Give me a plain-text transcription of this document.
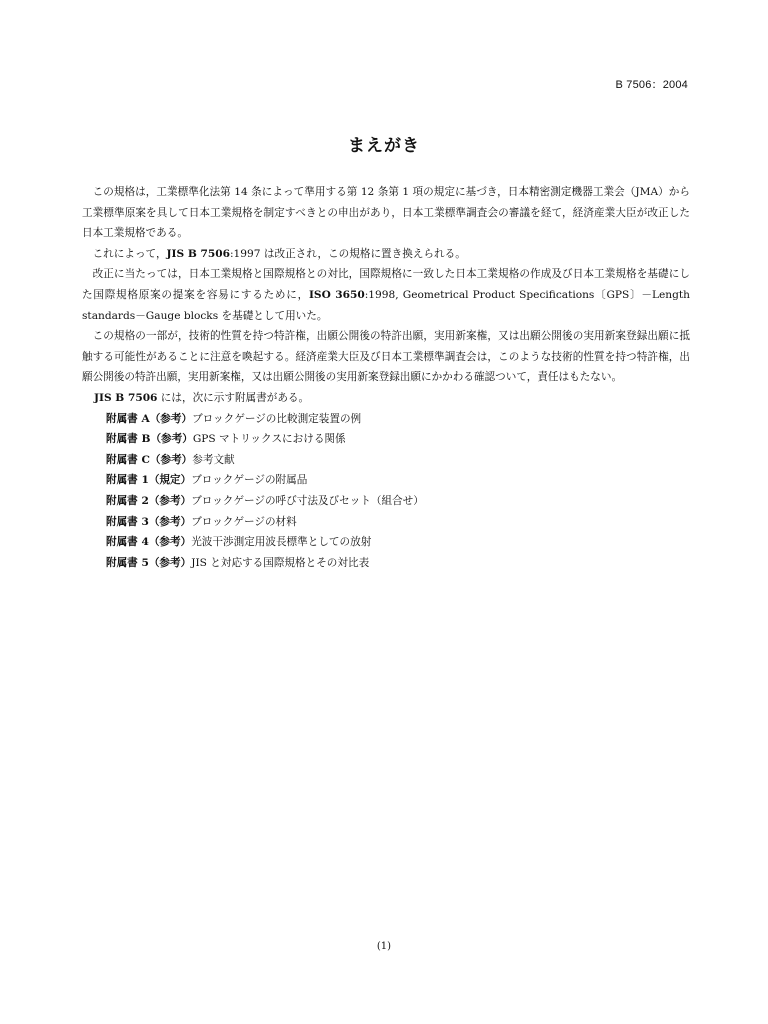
B 7506：2004
まえがき

この規格は，工業標準化法第 14 条によって準用する第 12 条第 1 項の規定に基づき，日本精密測定機器工業会（JMA）から工業標準原案を具して日本工業規格を制定すべきとの申出があり，日本工業標準調査会の審議を経て，経済産業大臣が改正した日本工業規格である。

これによって，JIS B 7506:1997 は改正され，この規格に置き換えられる。

改正に当たっては，日本工業規格と国際規格との対比，国際規格に一致した日本工業規格の作成及び日本工業規格を基礎にした国際規格原案の提案を容易にするために，ISO 3650:1998, Geometrical Product Specifications〔GPS〕－Length standards－Gauge blocks を基礎として用いた。

この規格の一部が，技術的性質を持つ特許権，出願公開後の特許出願，実用新案権，又は出願公開後の実用新案登録出願に抵触する可能性があることに注意を喚起する。経済産業大臣及び日本工業標準調査会は，このような技術的性質を持つ特許権，出願公開後の特許出願，実用新案権，又は出願公開後の実用新案登録出願にかかわる確認ついて，責任はもたない。

JIS B 7506 には，次に示す附属書がある。
附属書 A（参考）ブロックゲージの比較測定装置の例
附属書 B（参考）GPS マトリックスにおける関係
附属書 C（参考）参考文献
附属書 1（規定）ブロックゲージの附属品
附属書 2（参考）ブロックゲージの呼び寸法及びセット（組合せ）
附属書 3（参考）ブロックゲージの材料
附属書 4（参考）光波干渉測定用波長標準としての放射
附属書 5（参考）JIS と対応する国際規格とその対比表
(1)
